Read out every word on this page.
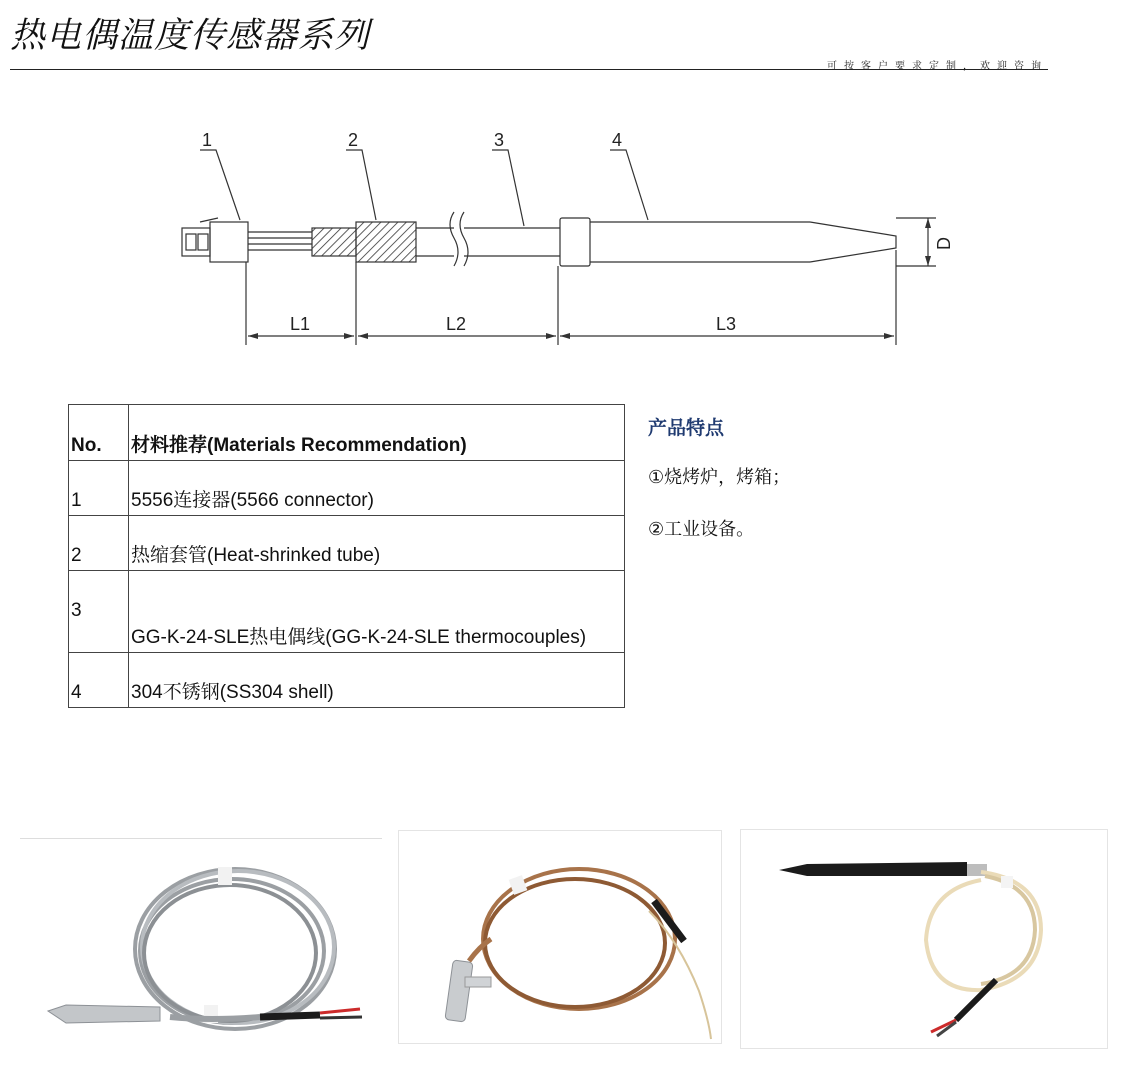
热电偶温度传感器系列
可按客户要求定制，欢迎咨询
1	2	3	4
L1	L2	L3
D
No.	材料推荐(Materials Recommendation)
1	5556连接器(5566 connector)
2	热缩套管(Heat-shrinked tube)
3	GG-K-24-SLE热电偶线(GG-K-24-SLE thermocouples)
4	304不锈钢(SS304 shell)
产品特点
①烧烤炉，烤箱；
②工业设备。
